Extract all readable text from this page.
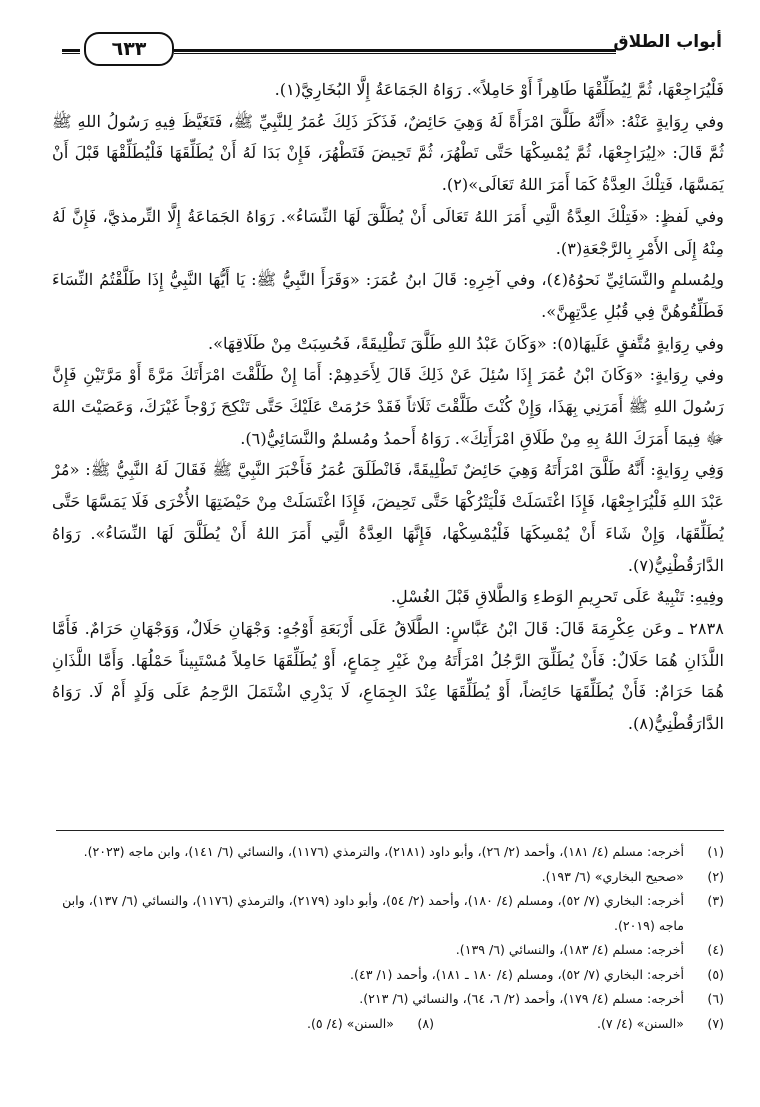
أبواب الطلاق
٦٣٣

فَلْيُرَاجِعْهَا، ثُمَّ لِيُطَلِّقْهَا طَاهِراً أَوْ حَامِلاً». رَوَاهُ الجَمَاعَةُ إِلَّا البُخَارِيَّ(١).

وفي رِوَايةٍ عَنْهُ: «أَنَّهُ طَلَّقَ امْرَأَةً لَهُ وَهِيَ حَائِضٌ، فَذَكَرَ ذَلِكَ عُمَرُ لِلنَّبِيِّ ﷺ، فَتَغَيَّظَ فِيهِ رَسُولُ اللهِ ﷺ ثُمَّ قَالَ: «لِيُرَاجِعْهَا، ثُمَّ يُمْسِكْهَا حَتَّى تَطْهُرَ، ثُمَّ تَحِيضَ فَتَطْهُرَ، فَإِنْ بَدَا لَهُ أَنْ يُطَلِّقَهَا فَلْيُطَلِّقْهَا قَبْلَ أَنْ يَمَسَّهَا، فَتِلْكَ العِدَّةُ كَمَا أَمَرَ اللهُ تَعَالَى»(٢).

وفي لَفظٍ: «فَتِلْكَ العِدَّةُ الَّتِي أَمَرَ اللهُ تَعَالَى أَنْ يُطَلَّقَ لَهَا النِّسَاءُ». رَوَاهُ الجَمَاعَةُ إِلَّا التِّرمذيَّ، فَإِنَّ لَهُ مِنْهُ إِلَى الأَمْرِ بِالرَّجْعَةِ(٣).

ولِمُسلمٍ والنَّسَائِيِّ نَحوُهُ(٤)، وفي آخِرِهِ: قَالَ ابنُ عُمَرَ: «وَقَرَأَ النَّبِيُّ ﷺ: يَا أَيُّهَا النَّبِيُّ إِذَا طَلَّقْتُمُ النِّسَاءَ فَطَلِّقُوهُنَّ فِي قُبُلِ عِدَّتِهِنَّ».

وفي رِوَايةٍ مُتَّفقٍ عَلَيهَا(٥): «وَكَانَ عَبْدُ اللهِ طَلَّقَ تَطْلِيقَةً، فَحُسِبَتْ مِنْ طَلَاقِهَا».

وفي رِوَايةٍ: «وَكَانَ ابْنُ عُمَرَ إِذَا سُئِلَ عَنْ ذَلِكَ قَالَ لِأَحَدِهِمْ: أَمَا إِنْ طَلَّقْتَ امْرَأَتَكَ مَرَّةً أَوْ مَرَّتَيْنِ فَإِنَّ رَسُولَ اللهِ ﷺ أَمَرَنِي بِهَذَا، وَإِنْ كُنْتَ طَلَّقْتَ ثَلَاثاً فَقَدْ حَرُمَتْ عَلَيْكَ حَتَّى تَنْكِحَ زَوْجاً غَيْرَكَ، وَعَصَيْتَ اللهَ ﷻ فِيمَا أَمَرَكَ اللهُ بِهِ مِنْ طَلَاقِ امْرَأَتِكَ». رَوَاهُ أَحمدُ ومُسلمٌ والنَّسَائِيُّ(٦).

وَفِي رِوَايةٍ: أَنَّهُ طَلَّقَ امْرَأَتَهُ وَهِيَ حَائِضٌ تَطْلِيقَةً، فَانْطَلَقَ عُمَرُ فَأَخْبَرَ النَّبِيَّ ﷺ فَقَالَ لَهُ النَّبِيُّ ﷺ: «مُرْ عَبْدَ اللهِ فَلْيُرَاجِعْهَا، فَإِذَا اغْتَسَلَتْ فَلْيَتْرُكْهَا حَتَّى تَحِيضَ، فَإِذَا اغْتَسَلَتْ مِنْ حَيْضَتِهَا الأُخْرَى فَلَا يَمَسَّهَا حَتَّى يُطَلِّقَهَا، وَإِنْ شَاءَ أَنْ يُمْسِكَهَا فَلْيُمْسِكْهَا، فَإِنَّهَا العِدَّةُ الَّتِي أَمَرَ اللهُ أَنْ يُطَلَّقَ لَهَا النِّسَاءُ». رَوَاهُ الدَّارَقُطْنِيُّ(٧).

وفِيهِ: تَنْبِيهٌ عَلَى تَحرِيمِ الوَطءِ وَالطَّلاقِ قَبْلَ الغُسْلِ.

٢٨٣٨ ـ وعَن عِكْرِمَةَ قَالَ: قَالَ ابْنُ عَبَّاسٍ: الطَّلَاقُ عَلَى أَرْبَعَةِ أَوْجُهٍ: وَجْهَانِ حَلَالٌ، وَوَجْهَانِ حَرَامٌ. فَأَمَّا اللَّذَانِ هُمَا حَلَالٌ: فَأَنْ يُطَلِّقَ الرَّجُلُ امْرَأَتَهُ مِنْ غَيْرِ جِمَاعٍ، أَوْ يُطَلِّقَهَا حَامِلاً مُسْتَبِيناً حَمْلُهَا. وَأَمَّا اللَّذَانِ هُمَا حَرَامٌ: فَأَنْ يُطَلِّقَهَا حَائِضاً، أَوْ يُطَلِّقَهَا عِنْدَ الجِمَاعِ، لَا يَدْرِي اشْتَمَلَ الرَّحِمُ عَلَى وَلَدٍ أَمْ لَا. رَوَاهُ الدَّارَقُطْنِيُّ(٨).

(١)
أخرجه: مسلم (٤/ ١٨١)، وأحمد (٢/ ٢٦)، وأبو داود (٢١٨١)، والترمذي (١١٧٦)، والنسائي (٦/ ١٤١)، وابن ماجه (٢٠٢٣).
(٢)
«صحيح البخاري» (٦/ ١٩٣).
(٣)
أخرجه: البخاري (٧/ ٥٢)، ومسلم (٤/ ١٨٠)، وأحمد (٢/ ٥٤)، وأبو داود (٢١٧٩)، والترمذي (١١٧٦)، والنسائي (٦/ ١٣٧)، وابن ماجه (٢٠١٩).
(٤)
أخرجه: مسلم (٤/ ١٨٣)، والنسائي (٦/ ١٣٩).
(٥)
أخرجه: البخاري (٧/ ٥٢)، ومسلم (٤/ ١٨٠ ـ ١٨١)، وأحمد (١/ ٤٣).
(٦)
أخرجه: مسلم (٤/ ١٧٩)، وأحمد (٢/ ٦، ٦٤)، والنسائي (٦/ ٢١٣).
(٧)
«السنن» (٤/ ٧).
(٨)
«السنن» (٤/ ٥).
